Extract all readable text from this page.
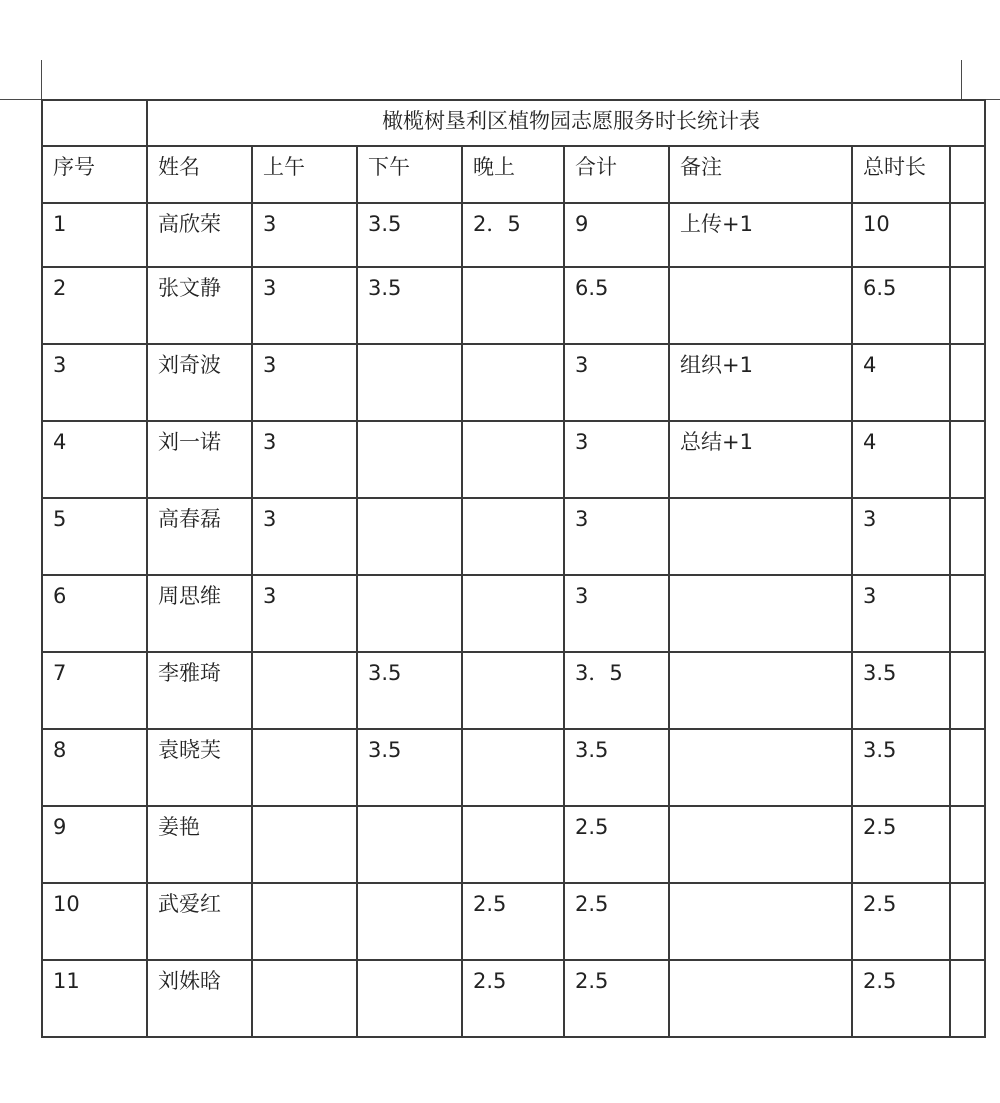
	橄榄树垦利区植物园志愿服务时长统计表							

序号	姓名	上午	下午	晚上	合计	备注	总时长	

1	高欣荣	3	3.5	2．5	9	上传+1	10	

2	张文静	3	3.5		6.5		6.5	

3	刘奇波	3			3	组织+1	4	

4	刘一诺	3			3	总结+1	4	

5	高春磊	3			3		3	

6	周思维	3			3		3	

7	李雅琦		3.5		3．5		3.5	

8	袁晓芙		3.5		3.5		3.5	

9	姜艳				2.5		2.5	

10	武爱红			2.5	2.5		2.5	

11	刘姝晗			2.5	2.5		2.5	
